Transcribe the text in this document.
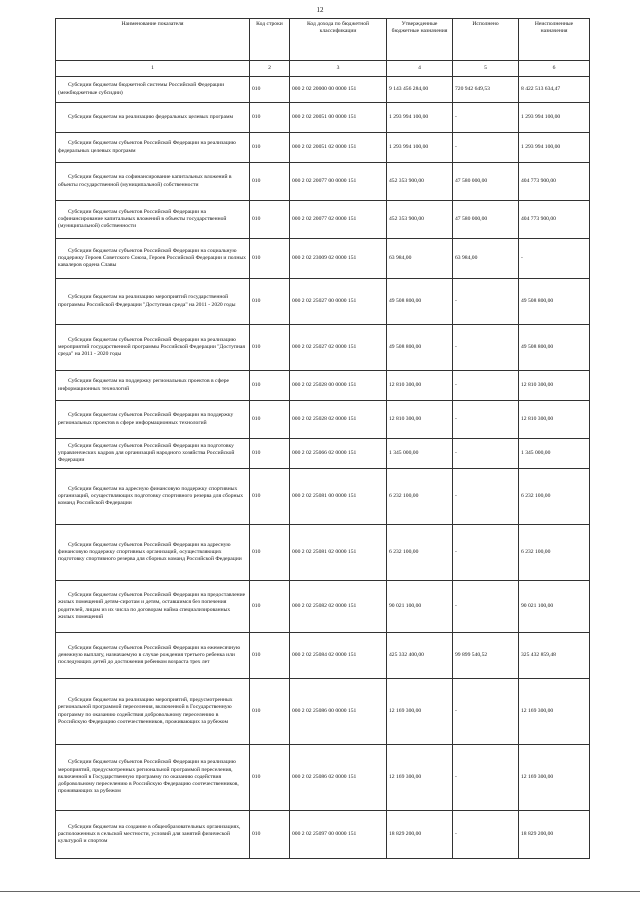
12
Наименование показателя	Код строки	Код дохода по бюджетной классификации	Утвержденные бюджетные назначения	Исполнено	Неисполненные назначения
1	2	3	4	5	6
Субсидии бюджетам бюджетной системы Российской Федерации (межбюджетные субсидии)	010	000 2 02 20000 00 0000 151	9 143 456 284,00	720 942 649,53	8 422 513 634,47
Субсидии бюджетам на реализацию федеральных целевых программ	010	000 2 02 20051 00 0000 151	1 293 994 100,00	-	1 293 994 100,00
Субсидии бюджетам субъектов Российской Федерации на реализацию федеральных целевых программ	010	000 2 02 20051 02 0000 151	1 293 994 100,00	-	1 293 994 100,00
Субсидии бюджетам на софинансирование капитальных вложений в объекты государственной (муниципальной) собственности	010	000 2 02 20077 00 0000 151	452 353 900,00	47 580 000,00	404 773 900,00
Субсидии бюджетам субъектов Российской Федерации на софинансирование капитальных вложений в объекты государственной (муниципальной) собственности	010	000 2 02 20077 02 0000 151	452 353 900,00	47 580 000,00	404 773 900,00
Субсидии бюджетам субъектов Российской Федерации на социальную поддержку Героев Советского Союза, Героев Российской Федерации и полных кавалеров ордена Славы	010	000 2 02 23009 02 0000 151	63 984,00	63 984,00	-
Субсидии бюджетам на реализацию мероприятий государственной программы Российской Федерации "Доступная среда" на 2011 - 2020 годы	010	000 2 02 25027 00 0000 151	49 508 800,00	-	49 508 800,00
Субсидии бюджетам субъектов Российской Федерации на реализацию мероприятий государственной программы Российской Федерации "Доступная среда" на 2011 - 2020 годы	010	000 2 02 25027 02 0000 151	49 508 800,00	-	49 508 800,00
Субсидии бюджетам на поддержку региональных проектов в сфере информационных технологий	010	000 2 02 25028 00 0000 151	12 810 300,00	-	12 810 300,00
Субсидии бюджетам субъектов Российской Федерации на поддержку региональных проектов в сфере информационных технологий	010	000 2 02 25028 02 0000 151	12 810 300,00	-	12 810 300,00
Субсидии бюджетам субъектов Российской Федерации на подготовку управленческих кадров для организаций народного хозяйства Российской Федерации	010	000 2 02 25066 02 0000 151	1 345 000,00	-	1 345 000,00
Субсидии бюджетам на адресную финансовую поддержку спортивных организаций, осуществляющих подготовку спортивного резерва для сборных команд Российской Федерации	010	000 2 02 25081 00 0000 151	6 232 100,00	-	6 232 100,00
Субсидии бюджетам субъектов Российской Федерации на адресную финансовую поддержку спортивных организаций, осуществляющих подготовку спортивного резерва для сборных команд Российской Федерации	010	000 2 02 25081 02 0000 151	6 232 100,00	-	6 232 100,00
Субсидии бюджетам субъектов Российской Федерации на предоставление жилых помещений детям-сиротам и детям, оставшимся без попечения родителей, лицам из их числа по договорам найма специализированных жилых помещений	010	000 2 02 25082 02 0000 151	90 021 100,00	-	90 021 100,00
Субсидии бюджетам субъектов Российской Федерации на ежемесячную денежную выплату, назначаемую в случае рождения третьего ребенка или последующих детей до достижения ребенком возраста трех лет	010	000 2 02 25084 02 0000 151	425 332 400,00	99 899 540,52	325 432 859,48
Субсидии бюджетам на реализацию мероприятий, предусмотренных региональной программой переселения, включенной в Государственную программу по оказанию содействия добровольному переселению в Российскую Федерацию соотечественников, проживающих за рубежом	010	000 2 02 25086 00 0000 151	12 169 300,00	-	12 169 300,00
Субсидии бюджетам субъектов Российской Федерации на реализацию мероприятий, предусмотренных региональной программой переселения, включенной в Государственную программу по оказанию содействия добровольному переселению в Российскую Федерацию соотечественников, проживающих за рубежом	010	000 2 02 25086 02 0000 151	12 169 300,00	-	12 169 300,00
Субсидии бюджетам на создание в общеобразовательных организациях, расположенных в сельской местности, условий для занятий физической культурой и спортом	010	000 2 02 25097 00 0000 151	18 829 200,00	-	18 829 200,00
